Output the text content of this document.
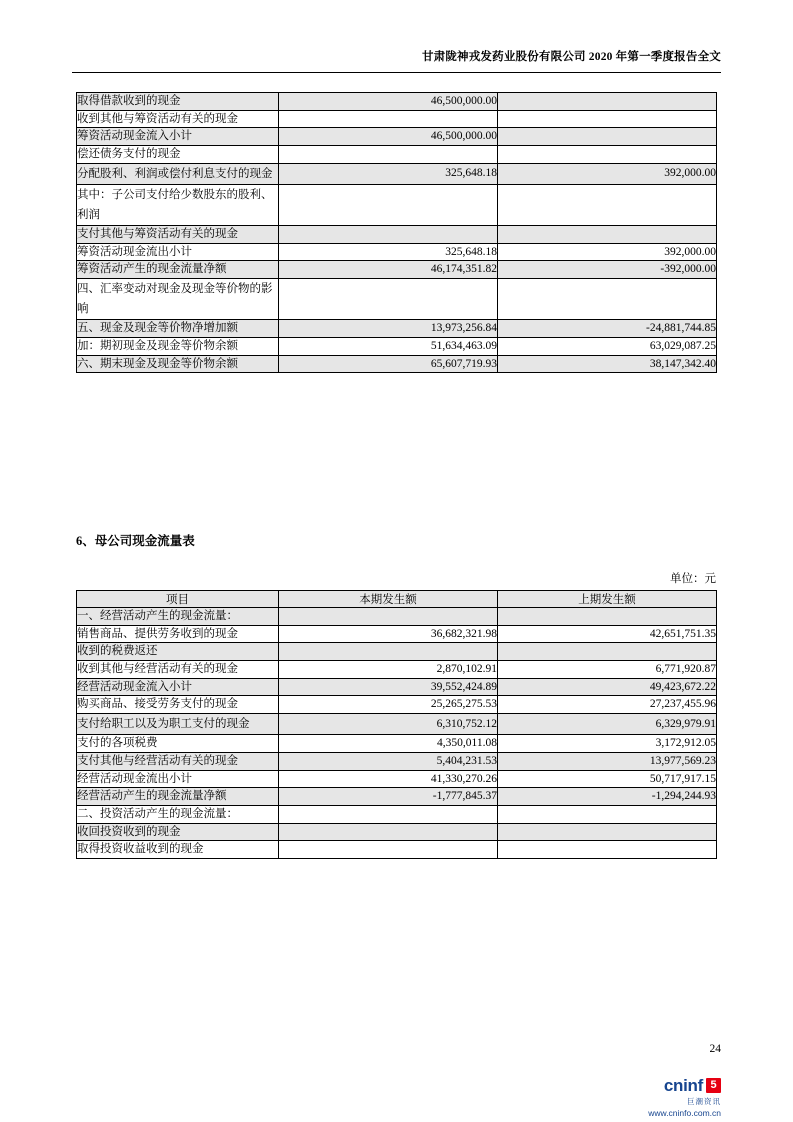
甘肃陇神戎发药业股份有限公司 2020 年第一季度报告全文
取得借款收到的现金	46,500,000.00	
收到其他与筹资活动有关的现金		
筹资活动现金流入小计	46,500,000.00	
偿还债务支付的现金		
分配股利、利润或偿付利息支付的现金	325,648.18	392,000.00
其中：子公司支付给少数股东的股利、利润		
支付其他与筹资活动有关的现金		
筹资活动现金流出小计	325,648.18	392,000.00
筹资活动产生的现金流量净额	46,174,351.82	-392,000.00
四、汇率变动对现金及现金等价物的影响		
五、现金及现金等价物净增加额	13,973,256.84	-24,881,744.85
加：期初现金及现金等价物余额	51,634,463.09	63,029,087.25
六、期末现金及现金等价物余额	65,607,719.93	38,147,342.40
6、母公司现金流量表
单位：元
项目	本期发生额	上期发生额
一、经营活动产生的现金流量：		
销售商品、提供劳务收到的现金	36,682,321.98	42,651,751.35
收到的税费返还		
收到其他与经营活动有关的现金	2,870,102.91	6,771,920.87
经营活动现金流入小计	39,552,424.89	49,423,672.22
购买商品、接受劳务支付的现金	25,265,275.53	27,237,455.96
支付给职工以及为职工支付的现金	6,310,752.12	6,329,979.91
支付的各项税费	4,350,011.08	3,172,912.05
支付其他与经营活动有关的现金	5,404,231.53	13,977,569.23
经营活动现金流出小计	41,330,270.26	50,717,917.15
经营活动产生的现金流量净额	-1,777,845.37	-1,294,244.93
二、投资活动产生的现金流量：		
收回投资收到的现金		
取得投资收益收到的现金		
24
cninf 5
巨潮资讯
www.cninfo.com.cn
